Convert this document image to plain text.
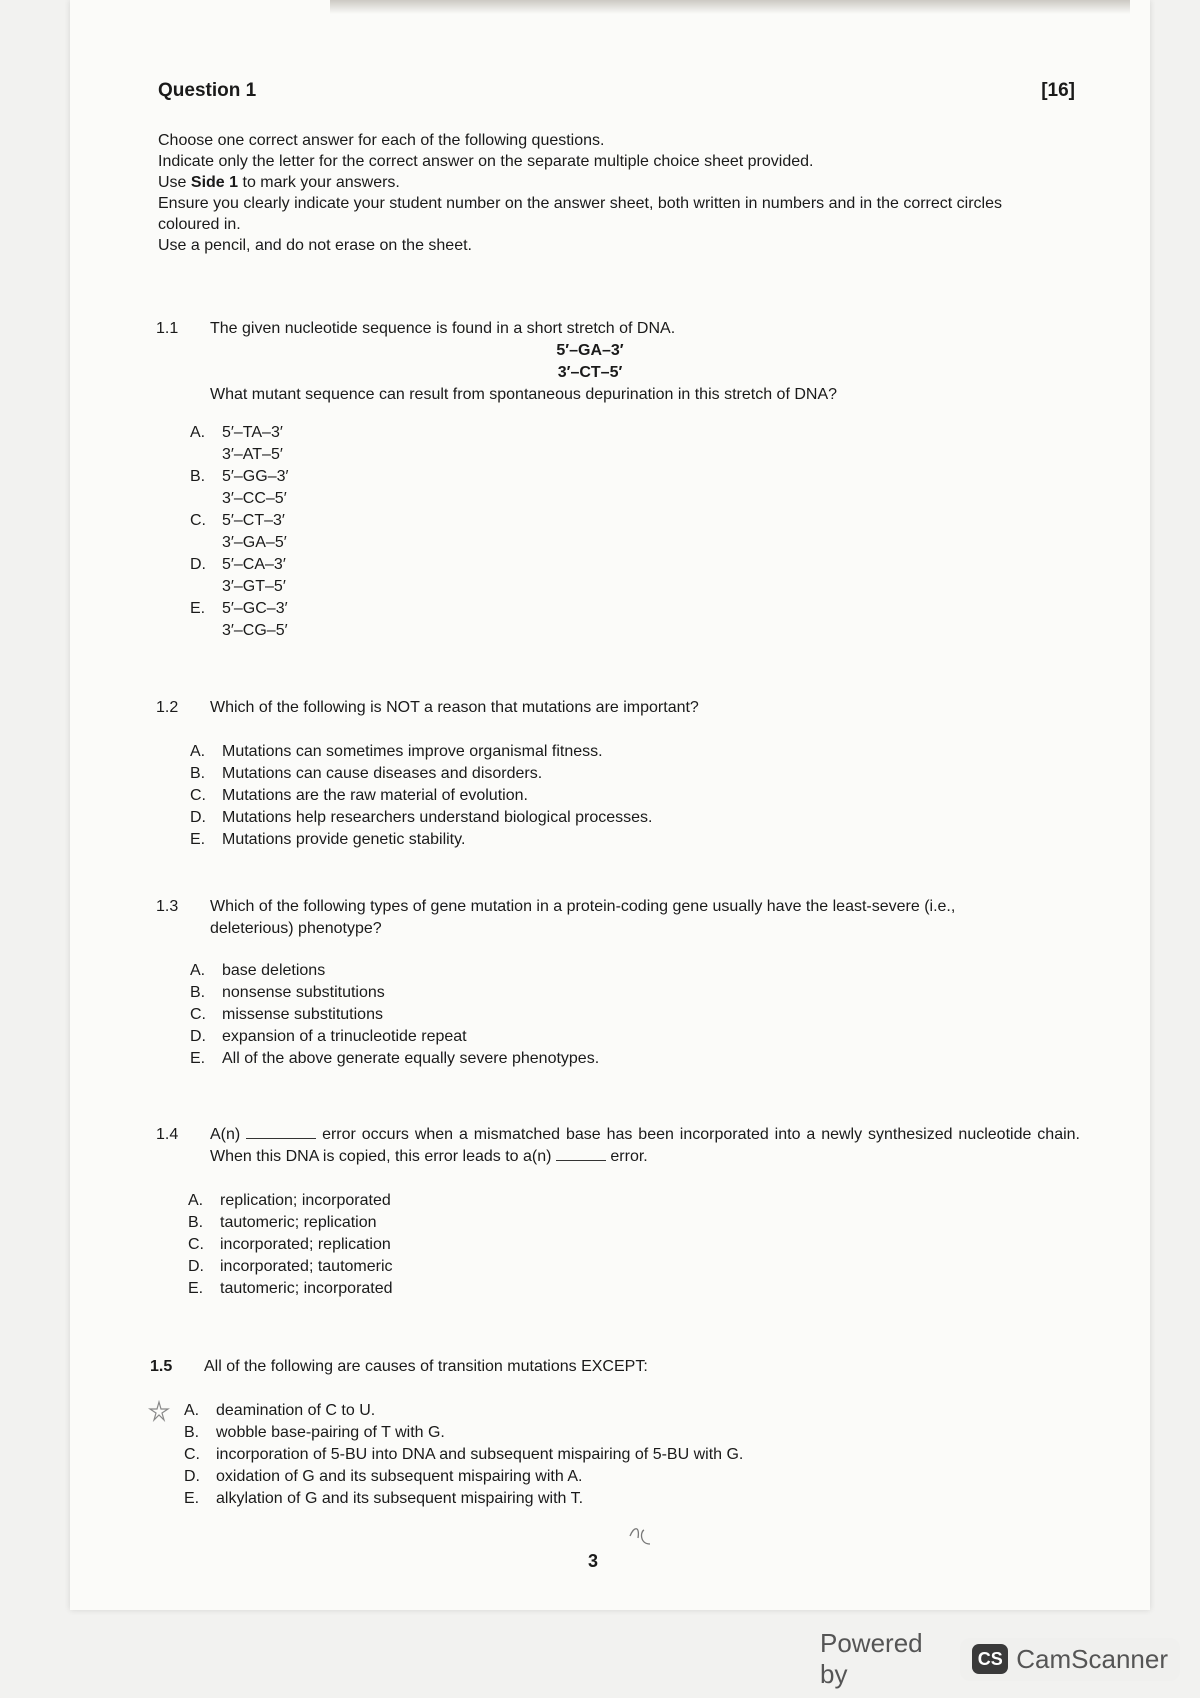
Question 1	[16]

Choose one correct answer for each of the following questions.

Indicate only the letter for the correct answer on the separate multiple choice sheet provided.

Use Side 1 to mark your answers.

Ensure you clearly indicate your student number on the answer sheet, both written in numbers and in the correct circles coloured in.

Use a pencil, and do not erase on the sheet.

1.1	The given nucleotide sequence is found in a short stretch of DNA.
5′–GA–3′
3′–CT–5′
What mutant sequence can result from spontaneous depurination in this stretch of DNA?
A.	5′–TA–3′
3′–AT–5′
B.	5′–GG–3′
3′–CC–5′
C.	5′–CT–3′
3′–GA–5′
D.	5′–CA–3′
3′–GT–5′
E.	5′–GC–3′
3′–CG–5′
1.2	Which of the following is NOT a reason that mutations are important?
A.	Mutations can sometimes improve organismal fitness.
B.	Mutations can cause diseases and disorders.
C.	Mutations are the raw material of evolution.
D.	Mutations help researchers understand biological processes.
E.	Mutations provide genetic stability.
1.3	Which of the following types of gene mutation in a protein-coding gene usually have the least-severe (i.e., deleterious) phenotype?
A.	base deletions
B.	nonsense substitutions
C.	missense substitutions
D.	expansion of a trinucleotide repeat
E.	All of the above generate equally severe phenotypes.
1.4	A(n)	error occurs when a mismatched base has been incorporated into a newly synthesized nucleotide chain. When this DNA is copied, this error leads to a(n)	error.
A.	replication; incorporated
B.	tautomeric; replication
C.	incorporated; replication
D.	incorporated; tautomeric
E.	tautomeric; incorporated
1.5	All of the following are causes of transition mutations EXCEPT:
A.	deamination of C to U.
B.	wobble base-pairing of T with G.
C.	incorporation of 5-BU into DNA and subsequent mispairing of 5-BU with G.
D.	oxidation of G and its subsequent mispairing with A.
E.	alkylation of G and its subsequent mispairing with T.
3
Powered by
CS CamScanner
